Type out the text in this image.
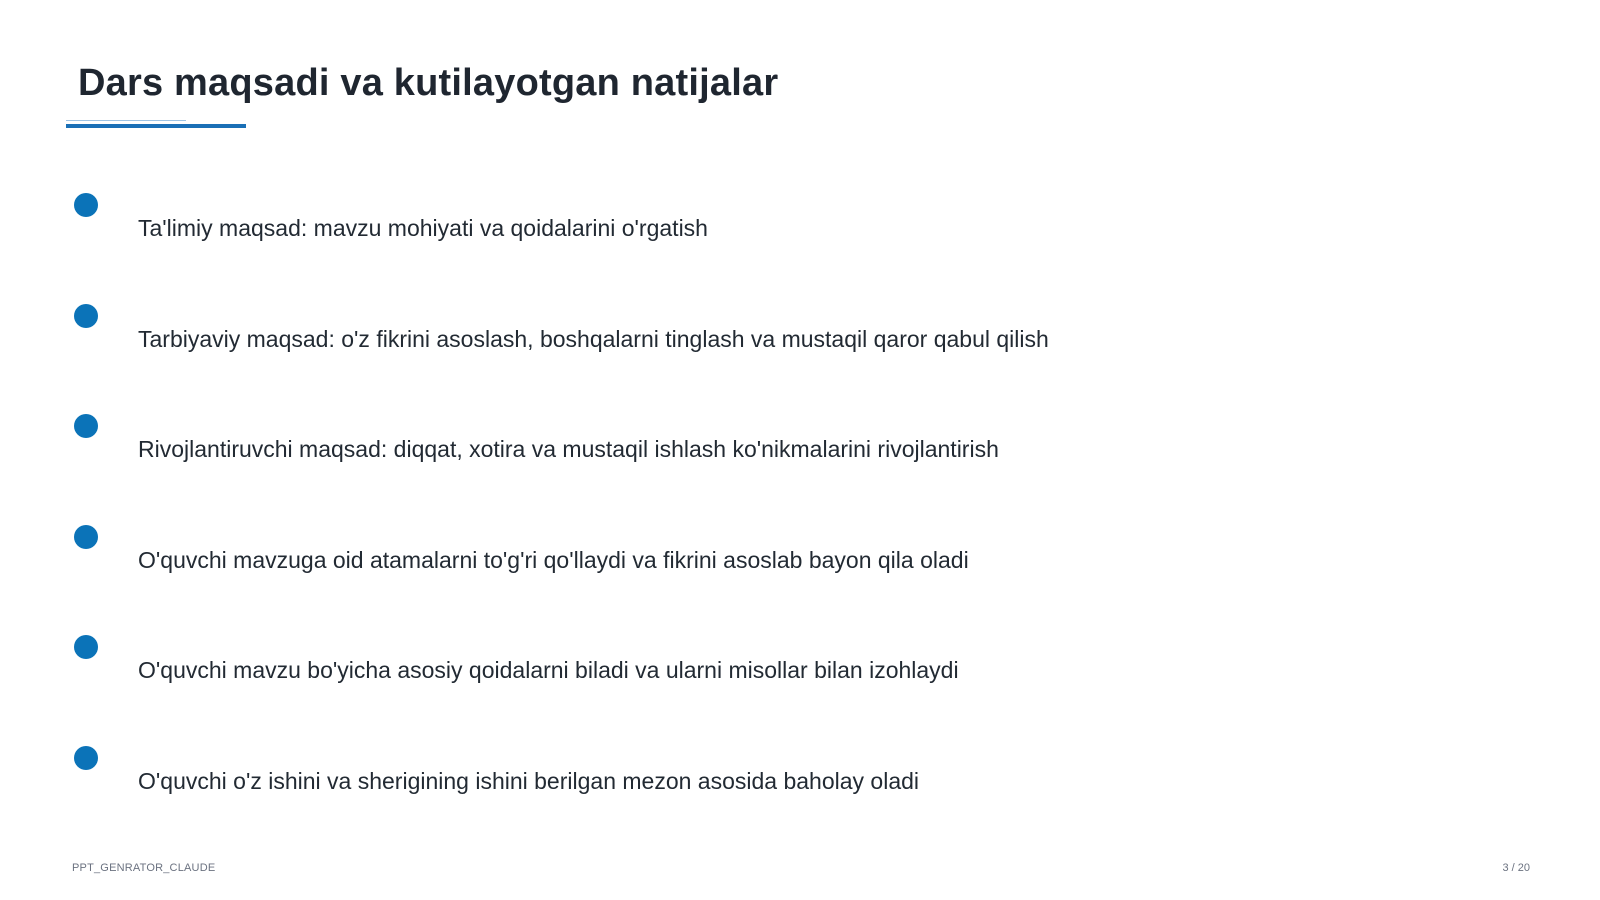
Dars maqsadi va kutilayotgan natijalar
Ta'limiy maqsad: mavzu mohiyati va qoidalarini o'rgatish
Tarbiyaviy maqsad: o'z fikrini asoslash, boshqalarni tinglash va mustaqil qaror qabul qilish
Rivojlantiruvchi maqsad: diqqat, xotira va mustaqil ishlash ko'nikmalarini rivojlantirish
O'quvchi mavzuga oid atamalarni to'g'ri qo'llaydi va fikrini asoslab bayon qila oladi
O'quvchi mavzu bo'yicha asosiy qoidalarni biladi va ularni misollar bilan izohlaydi
O'quvchi o'z ishini va sherigining ishini berilgan mezon asosida baholay oladi
PPT_GENRATOR_CLAUDE	3 / 20
